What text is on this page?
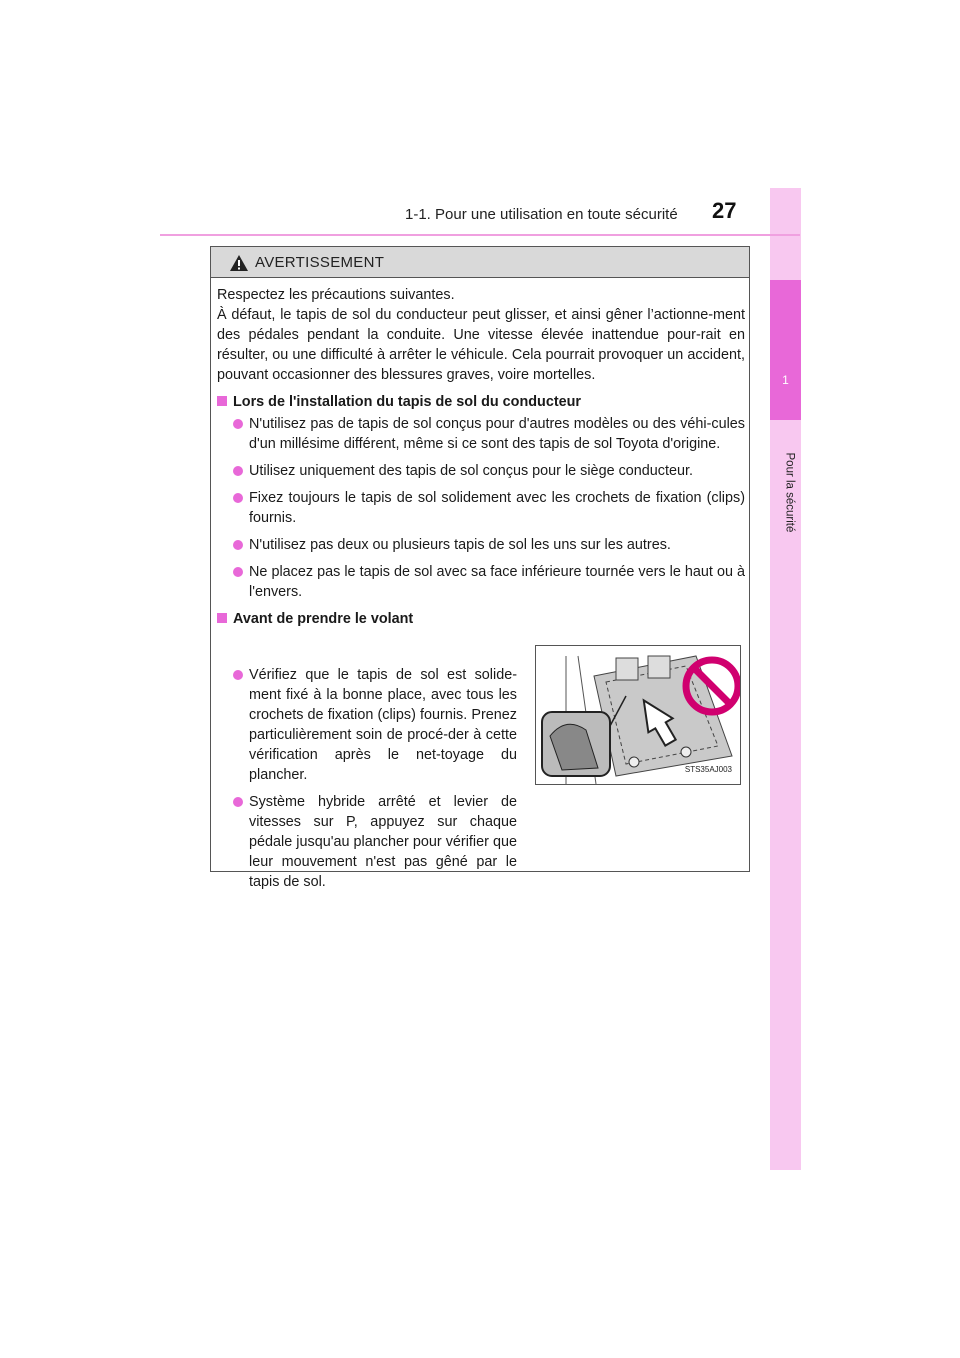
1
Pour la sécurité
1-1. Pour une utilisation en toute sécurité 27
AVERTISSEMENT

Respectez les précautions suivantes.

À défaut, le tapis de sol du conducteur peut glisser, et ainsi gêner l’actionne-ment des pédales pendant la conduite. Une vitesse élevée inattendue pour-rait en résulter, ou une difficulté à arrêter le véhicule. Cela pourrait provoquer un accident, pouvant occasionner des blessures graves, voire mortelles.

Lors de l'installation du tapis de sol du conducteur
N'utilisez pas de tapis de sol conçus pour d'autres modèles ou des véhi-cules d'un millésime différent, même si ce sont des tapis de sol Toyota d'origine.
Utilisez uniquement des tapis de sol conçus pour le siège conducteur.
Fixez toujours le tapis de sol solidement avec les crochets de fixation (clips) fournis.
N'utilisez pas deux ou plusieurs tapis de sol les uns sur les autres.
Ne placez pas le tapis de sol avec sa face inférieure tournée vers le haut ou à l'envers.
Avant de prendre le volant
Vérifiez que le tapis de sol est solide-ment fixé à la bonne place, avec tous les crochets de fixation (clips) fournis. Prenez particulièrement soin de procé-der à cette vérification après le net-toyage du plancher.
Système hybride arrêté et levier de vitesses sur P, appuyez sur chaque pédale jusqu'au plancher pour vérifier que leur mouvement n'est pas gêné par le tapis de sol.
STS35AJ003
